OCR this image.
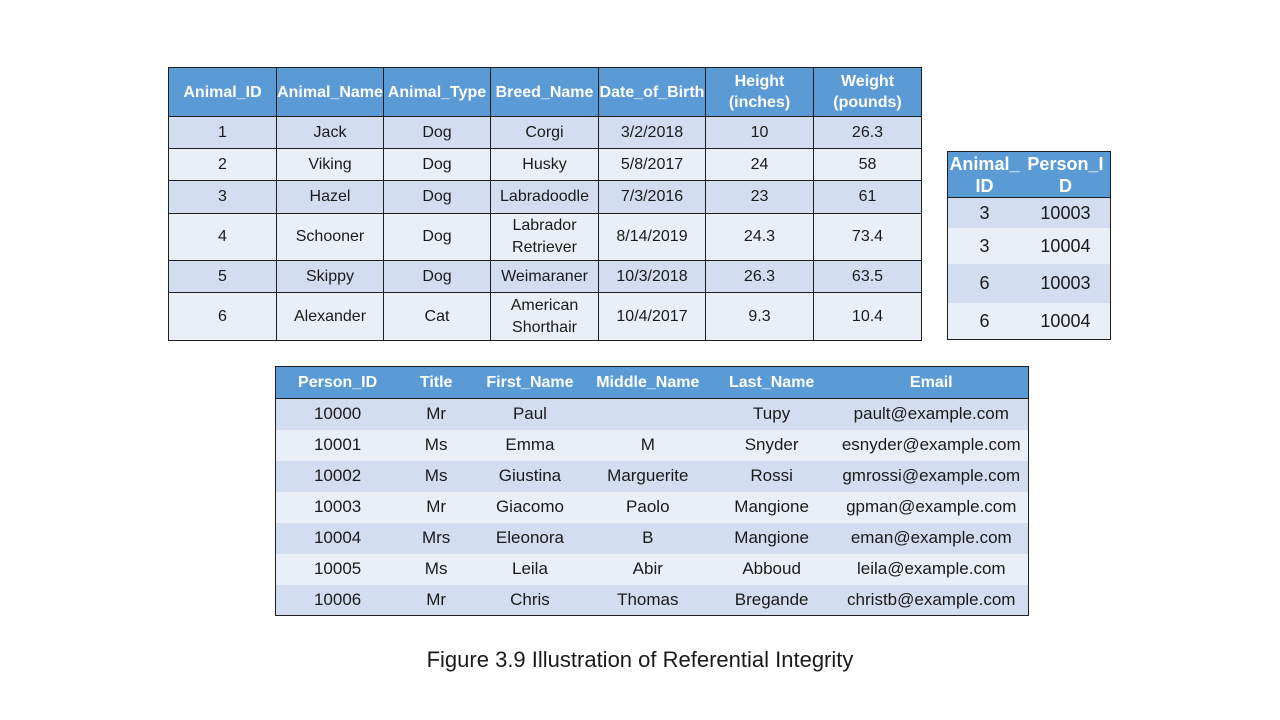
Animal_ID	Animal_Name	Animal_Type	Breed_Name	Date_of_Birth	Height (inches)	Weight (pounds)
1	Jack	Dog	Corgi	3/2/2018	10	26.3
2	Viking	Dog	Husky	5/8/2017	24	58
3	Hazel	Dog	Labradoodle	7/3/2016	23	61
4	Schooner	Dog	Labrador Retriever	8/14/2019	24.3	73.4
5	Skippy	Dog	Weimaraner	10/3/2018	26.3	63.5
6	Alexander	Cat	American Shorthair	10/4/2017	9.3	10.4
Animal_ID	Person_ID
3	10003
3	10004
6	10003
6	10004
Person_ID	Title	First_Name	Middle_Name	Last_Name	Email
10000	Mr	Paul		Tupy	pault@example.com
10001	Ms	Emma	M	Snyder	esnyder@example.com
10002	Ms	Giustina	Marguerite	Rossi	gmrossi@example.com
10003	Mr	Giacomo	Paolo	Mangione	gpman@example.com
10004	Mrs	Eleonora	B	Mangione	eman@example.com
10005	Ms	Leila	Abir	Abboud	leila@example.com
10006	Mr	Chris	Thomas	Bregande	christb@example.com
Figure 3.9 Illustration of Referential Integrity
